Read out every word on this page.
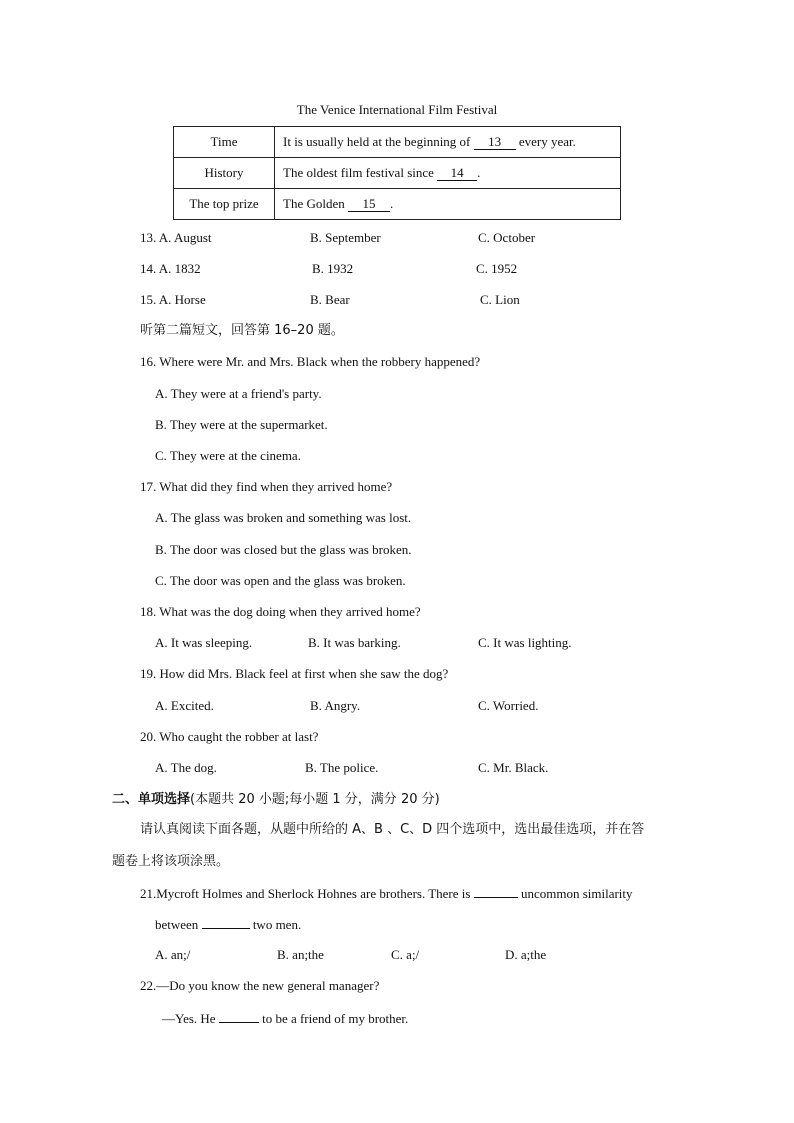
The Venice International Film Festival
Time	It is usually held at the beginning of 13 every year.
History	The oldest film festival since 14 .
The top prize	The Golden 15 .
13. A. August	B. September	C. October
14. A. 1832	B. 1932	C. 1952
15. A. Horse	B. Bear	C. Lion
听第二篇短文，回答第 16–20 题。
16. Where were Mr. and Mrs. Black when the robbery happened?
A. They were at a friend's party.
B. They were at the supermarket.
C. They were at the cinema.
17. What did they find when they arrived home?
A. The glass was broken and something was lost.
B. The door was closed but the glass was broken.
C. The door was open and the glass was broken.
18. What was the dog doing when they arrived home?
A. It was sleeping.	B. It was barking.	C. It was lighting.
19. How did Mrs. Black feel at first when she saw the dog?
A. Excited.	B. Angry.	C. Worried.
20. Who caught the robber at last?
A. The dog.	B. The police.	C. Mr. Black.
二、单项选择(本题共 20 小题;每小题 1 分，满分 20 分)
请认真阅读下面各题，从题中所给的 A、B 、C、D 四个选项中，选出最佳选项，并在答
题卷上将该项涂黑。
21.Mycroft Holmes and Sherlock Hohnes are brothers. There is	uncommon similarity
between	two men.
A. an;/	B. an;the	C. a;/	D. a;the
22.—Do you know the new general manager?
—Yes. He	to be a friend of my brother.
